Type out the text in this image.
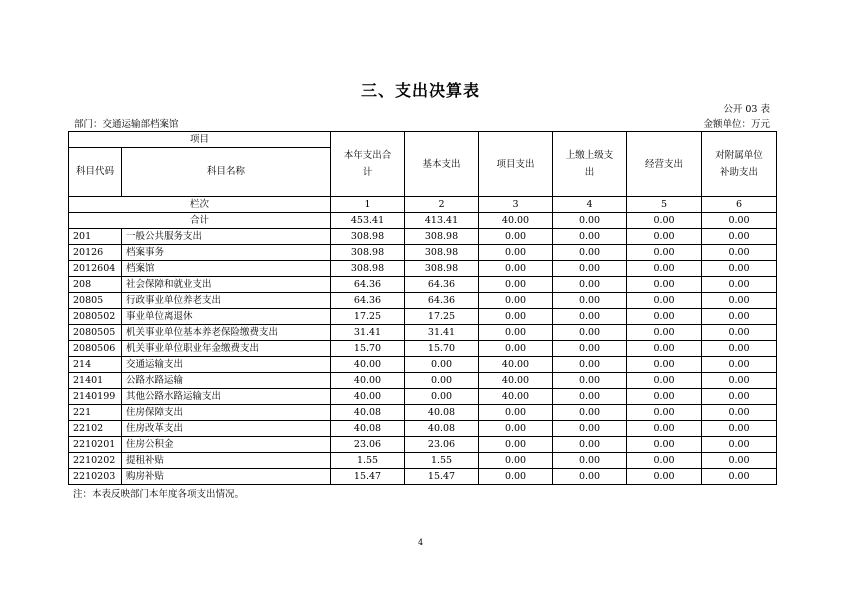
三、支出决算表
公开 03 表
部门：交通运输部档案馆	金额单位：万元
项目		本年支出合计	基本支出	项目支出	上缴上级支出	经营支出	对附属单位补助支出
科目代码	科目名称						
栏次		1	2	3	4	5	6
合计		453.41	413.41	40.00	0.00	0.00	0.00
201	一般公共服务支出	308.98	308.98	0.00	0.00	0.00	0.00
20126	档案事务	308.98	308.98	0.00	0.00	0.00	0.00
2012604	档案馆	308.98	308.98	0.00	0.00	0.00	0.00
208	社会保障和就业支出	64.36	64.36	0.00	0.00	0.00	0.00
20805	行政事业单位养老支出	64.36	64.36	0.00	0.00	0.00	0.00
2080502	事业单位离退休	17.25	17.25	0.00	0.00	0.00	0.00
2080505	机关事业单位基本养老保险缴费支出	31.41	31.41	0.00	0.00	0.00	0.00
2080506	机关事业单位职业年金缴费支出	15.70	15.70	0.00	0.00	0.00	0.00
214	交通运输支出	40.00	0.00	40.00	0.00	0.00	0.00
21401	公路水路运输	40.00	0.00	40.00	0.00	0.00	0.00
2140199	其他公路水路运输支出	40.00	0.00	40.00	0.00	0.00	0.00
221	住房保障支出	40.08	40.08	0.00	0.00	0.00	0.00
22102	住房改革支出	40.08	40.08	0.00	0.00	0.00	0.00
2210201	住房公积金	23.06	23.06	0.00	0.00	0.00	0.00
2210202	提租补贴	1.55	1.55	0.00	0.00	0.00	0.00
2210203	购房补贴	15.47	15.47	0.00	0.00	0.00	0.00
注：本表反映部门本年度各项支出情况。
4
